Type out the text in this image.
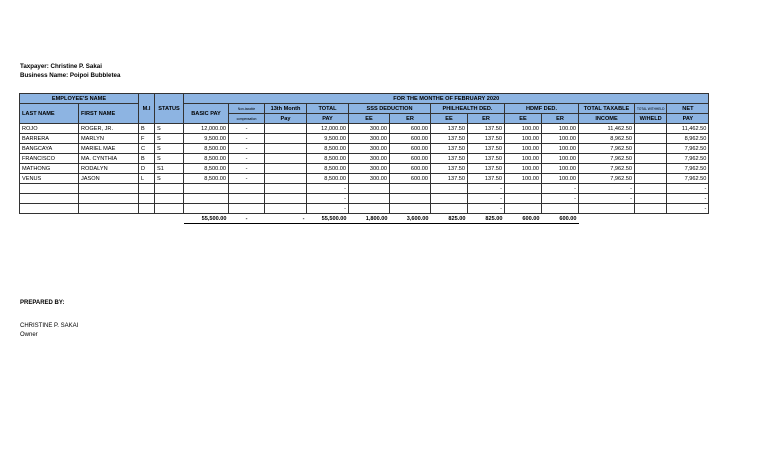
Taxpayer: Christine P. Sakai
Business Name: Poipoi Bubbletea
EMPLOYEE'S NAME		M.I	STATUS	FOR THE MONTHE OF FEBRUARY 2020												
LAST NAME	FIRST NAME			BASIC PAY	Non-taxable	13th Month	TOTAL	SSS DEDUCTION		PHILHEALTH DED.		HDMF DED.		TOTAL TAXABLE	TOTAL WITHHELD	NET
					compensation	Pay	PAY	EE	ER	EE	ER	EE	ER	INCOME	W/HELD	PAY
ROJO	ROGER, JR.	B	S	12,000.00	-		12,000.00	300.00	600.00	137.50	137.50	100.00	100.00	11,462.50		11,462.50
BARRERA	MARLYN	F	S	9,500.00	-		9,500.00	300.00	600.00	137.50	137.50	100.00	100.00	8,962.50		8,962.50
BANGCAYA	MARIEL MAE	C	S	8,500.00	-		8,500.00	300.00	600.00	137.50	137.50	100.00	100.00	7,962.50		7,962.50
FRANCISCO	MA. CYNTHIA	B	S	8,500.00	-		8,500.00	300.00	600.00	137.50	137.50	100.00	100.00	7,962.50		7,962.50
MATHONG	RODALYN	D	S1	8,500.00	-		8,500.00	300.00	600.00	137.50	137.50	100.00	100.00	7,962.50		7,962.50
VENUS	JASON	L	S	8,500.00	-		8,500.00	300.00	600.00	137.50	137.50	100.00	100.00	7,962.50		7,962.50
							-				-		-	-		-
							-				-		-	-		-
							-				-					-
				55,500.00	-	-	55,500.00	1,800.00	3,600.00	825.00	825.00	600.00	600.00			
PREPARED BY:
CHRISTINE P. SAKAI
Owner
